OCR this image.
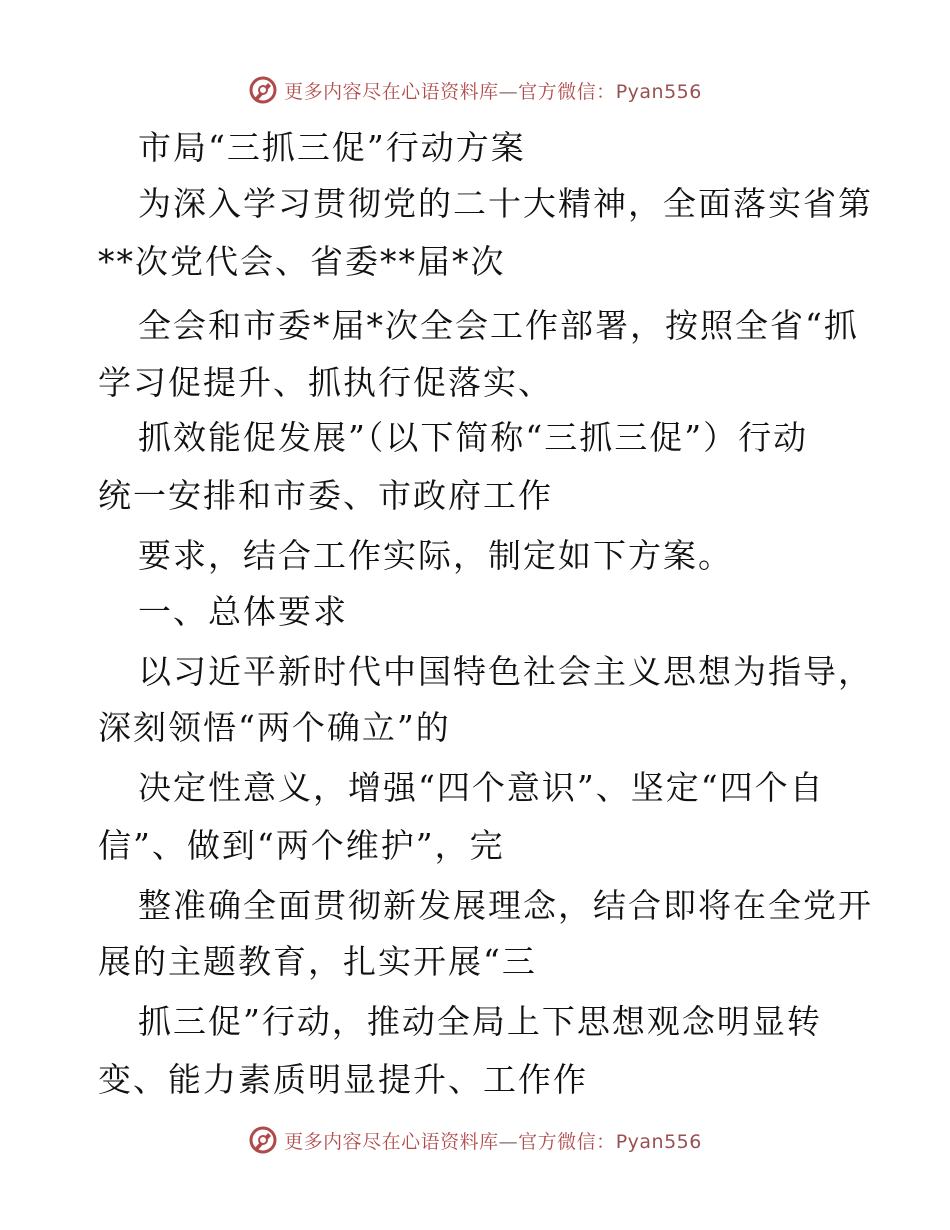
更多内容尽在心语资料库—官方微信：Pyan556
市局“三抓三促”行动方案
为深入学习贯彻党的二十大精神，全面落实省第
**次党代会、省委**届*次
全会和市委*届*次全会工作部署，按照全省“抓
学习促提升、抓执行促落实、
抓效能促发展”（以下简称“三抓三促”）行动
统一安排和市委、市政府工作
要求，结合工作实际，制定如下方案。
一、总体要求
以习近平新时代中国特色社会主义思想为指导，
深刻领悟“两个确立”的
决定性意义，增强“四个意识”、坚定“四个自
信”、做到“两个维护”，完
整准确全面贯彻新发展理念，结合即将在全党开
展的主题教育，扎实开展“三
抓三促”行动，推动全局上下思想观念明显转
变、能力素质明显提升、工作作
更多内容尽在心语资料库—官方微信：Pyan556
